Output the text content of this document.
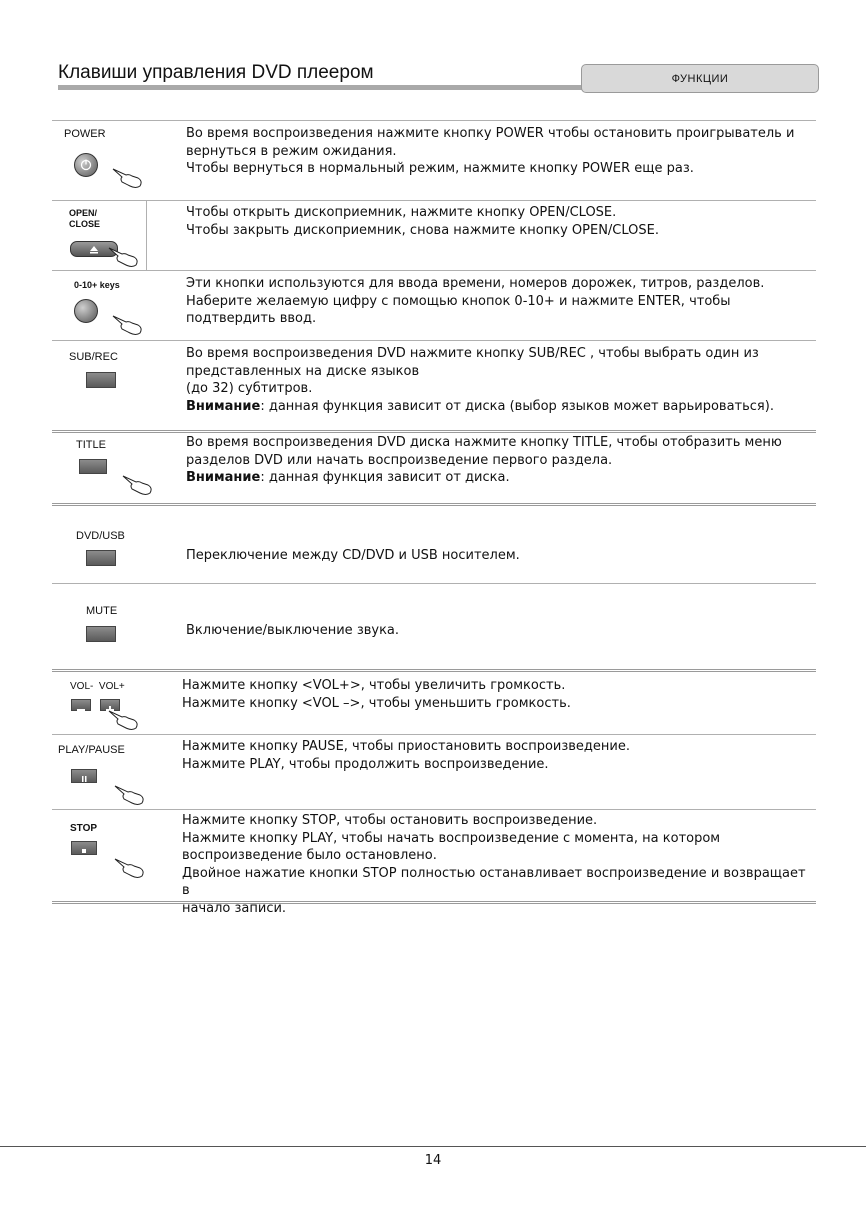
Клавиши управления DVD плеером	ФУНКЦИИ
POWER	Во время воспроизведения нажмите кнопку POWER чтобы остановить проигрыватель и

вернуться в режим ожидания.

Чтобы вернуться в нормальный режим, нажмите кнопку POWER еще раз.

OPEN/ CLOSE

Чтобы открыть дископриемник, нажмите кнопку OPEN/CLOSE.

Чтобы закрыть дископриемник, снова нажмите кнопку OPEN/CLOSE.

0-10+ keys	Эти кнопки используются для ввода времени, номеров дорожек, титров, разделов.

Наберите желаемую цифру с помощью кнопок 0-10+ и нажмите ENTER, чтобы

подтвердить ввод.

SUB/REC	Во время воспроизведения DVD нажмите кнопку SUB/REC , чтобы выбрать один из

представленных на диске языков

(до 32) субтитров.

Внимание: данная функция зависит от диска (выбор языков может варьироваться).

TITLE	Во время воспроизведения DVD диска нажмите кнопку TITLE, чтобы отобразить меню

разделов DVD или начать воспроизведение первого раздела.

Внимание: данная функция зависит от диска.

DVD/USB

Переключение между CD/DVD и USB носителем.

MUTE

Включение/выключение звука.

VOL-  VOL+	Нажмите кнопку <VOL+>, чтобы увеличить громкость.

Нажмите кнопку <VOL –>, чтобы уменьшить громкость.

PLAY/PAUSE	Нажмите кнопку PAUSE, чтобы приостановить воспроизведение.

Нажмите PLAY, чтобы продолжить воспроизведение.

STOP

Нажмите кнопку STOP, чтобы остановить воспроизведение.

Нажмите кнопку PLAY, чтобы начать воспроизведение с момента, на котором

воспроизведение было остановлено.

Двойное нажатие кнопки STOP полностью останавливает воспроизведение и возвращает в

начало записи.

14
